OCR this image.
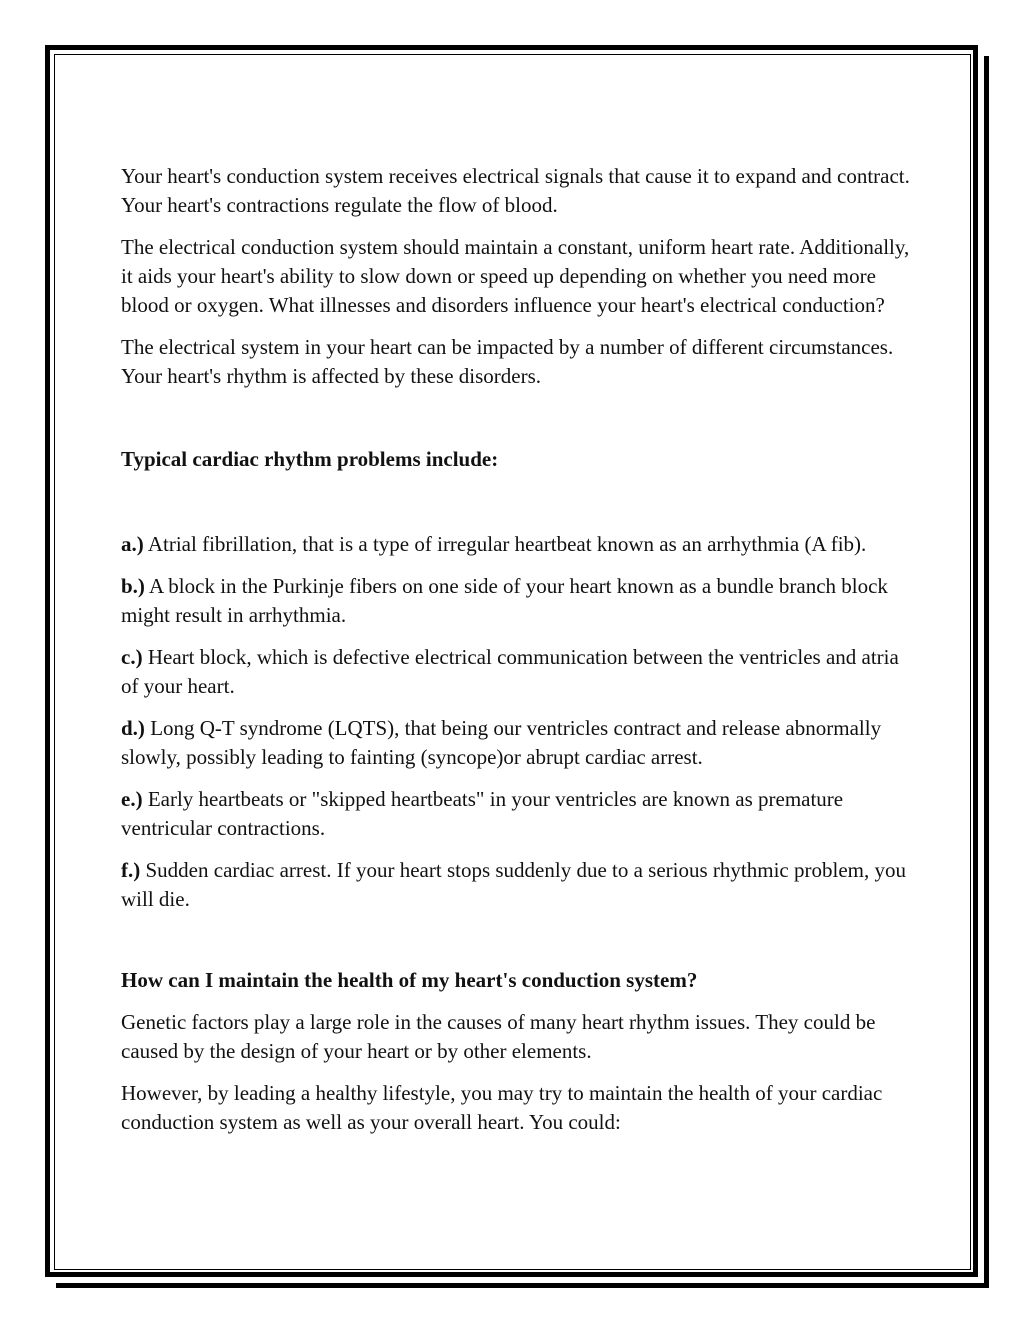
Your heart's conduction system receives electrical signals that cause it to expand and contract. Your heart's contractions regulate the flow of blood.

The electrical conduction system should maintain a constant, uniform heart rate. Additionally, it aids your heart's ability to slow down or speed up depending on whether you need more blood or oxygen. What illnesses and disorders influence your heart's electrical conduction?

The electrical system in your heart can be impacted by a number of different circumstances. Your heart's rhythm is affected by these disorders.

Typical cardiac rhythm problems include:

a.) Atrial fibrillation, that is a type of irregular heartbeat known as an arrhythmia (A fib).

b.) A block in the Purkinje fibers on one side of your heart known as a bundle branch block might result in arrhythmia.

c.) Heart block, which is defective electrical communication between the ventricles and atria of your heart.

d.) Long Q-T syndrome (LQTS), that being our ventricles contract and release abnormally slowly, possibly leading to fainting (syncope)or abrupt cardiac arrest.

e.) Early heartbeats or "skipped heartbeats" in your ventricles are known as premature ventricular contractions.

f.) Sudden cardiac arrest. If your heart stops suddenly due to a serious rhythmic problem, you will die.

How can I maintain the health of my heart's conduction system?

Genetic factors play a large role in the causes of many heart rhythm issues. They could be caused by the design of your heart or by other elements.

However, by leading a healthy lifestyle, you may try to maintain the health of your cardiac conduction system as well as your overall heart. You could:
